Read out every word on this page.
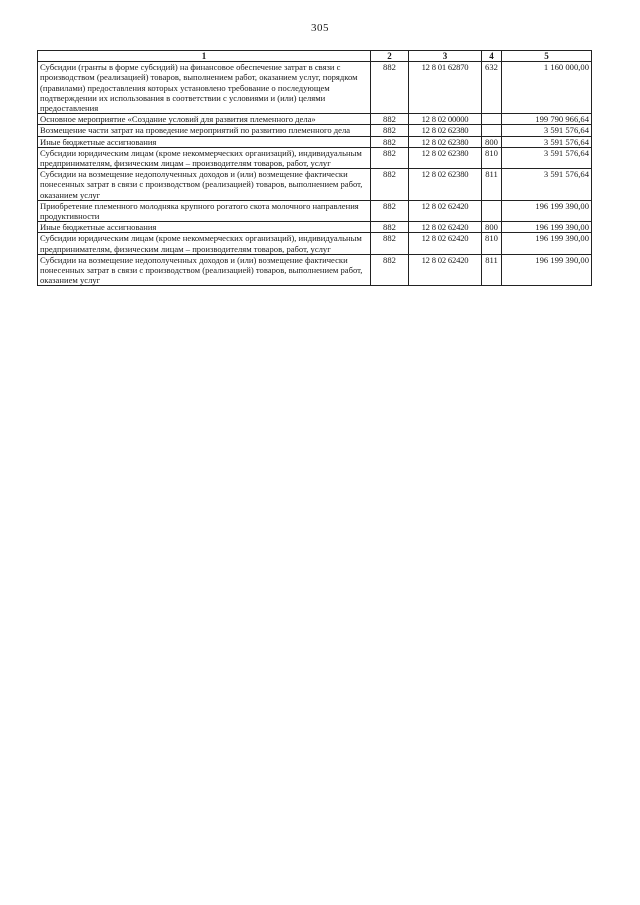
305
1	2	3	4	5
Субсидии (гранты в форме субсидий) на финансовое обеспечение затрат в связи с производством (реализацией) товаров, выполнением работ, оказанием услуг, порядком (правилами) предоставления которых установлено требование о последующем подтверждении их использования в соответствии с условиями и (или) целями предоставления	882	12 8 01 62870	632	1 160 000,00
Основное мероприятие «Создание условий для развития племенного дела»	882	12 8 02 00000		199 790 966,64
Возмещение части затрат на проведение мероприятий по развитию племенного дела	882	12 8 02 62380		3 591 576,64
Иные бюджетные ассигнования	882	12 8 02 62380	800	3 591 576,64
Субсидии юридическим лицам (кроме некоммерческих организаций), индивидуальным предпринимателям, физическим лицам – производителям товаров, работ, услуг	882	12 8 02 62380	810	3 591 576,64
Субсидии на возмещение недополученных доходов и (или) возмещение фактически понесенных затрат в связи с производством (реализацией) товаров, выполнением работ, оказанием услуг	882	12 8 02 62380	811	3 591 576,64
Приобретение племенного молодняка крупного рогатого скота молочного направления продуктивности	882	12 8 02 62420		196 199 390,00
Иные бюджетные ассигнования	882	12 8 02 62420	800	196 199 390,00
Субсидии юридическим лицам (кроме некоммерческих организаций), индивидуальным предпринимателям, физическим лицам – производителям товаров, работ, услуг	882	12 8 02 62420	810	196 199 390,00
Субсидии на возмещение недополученных доходов и (или) возмещение фактически понесенных затрат в связи с производством (реализацией) товаров, выполнением работ, оказанием услуг	882	12 8 02 62420	811	196 199 390,00
